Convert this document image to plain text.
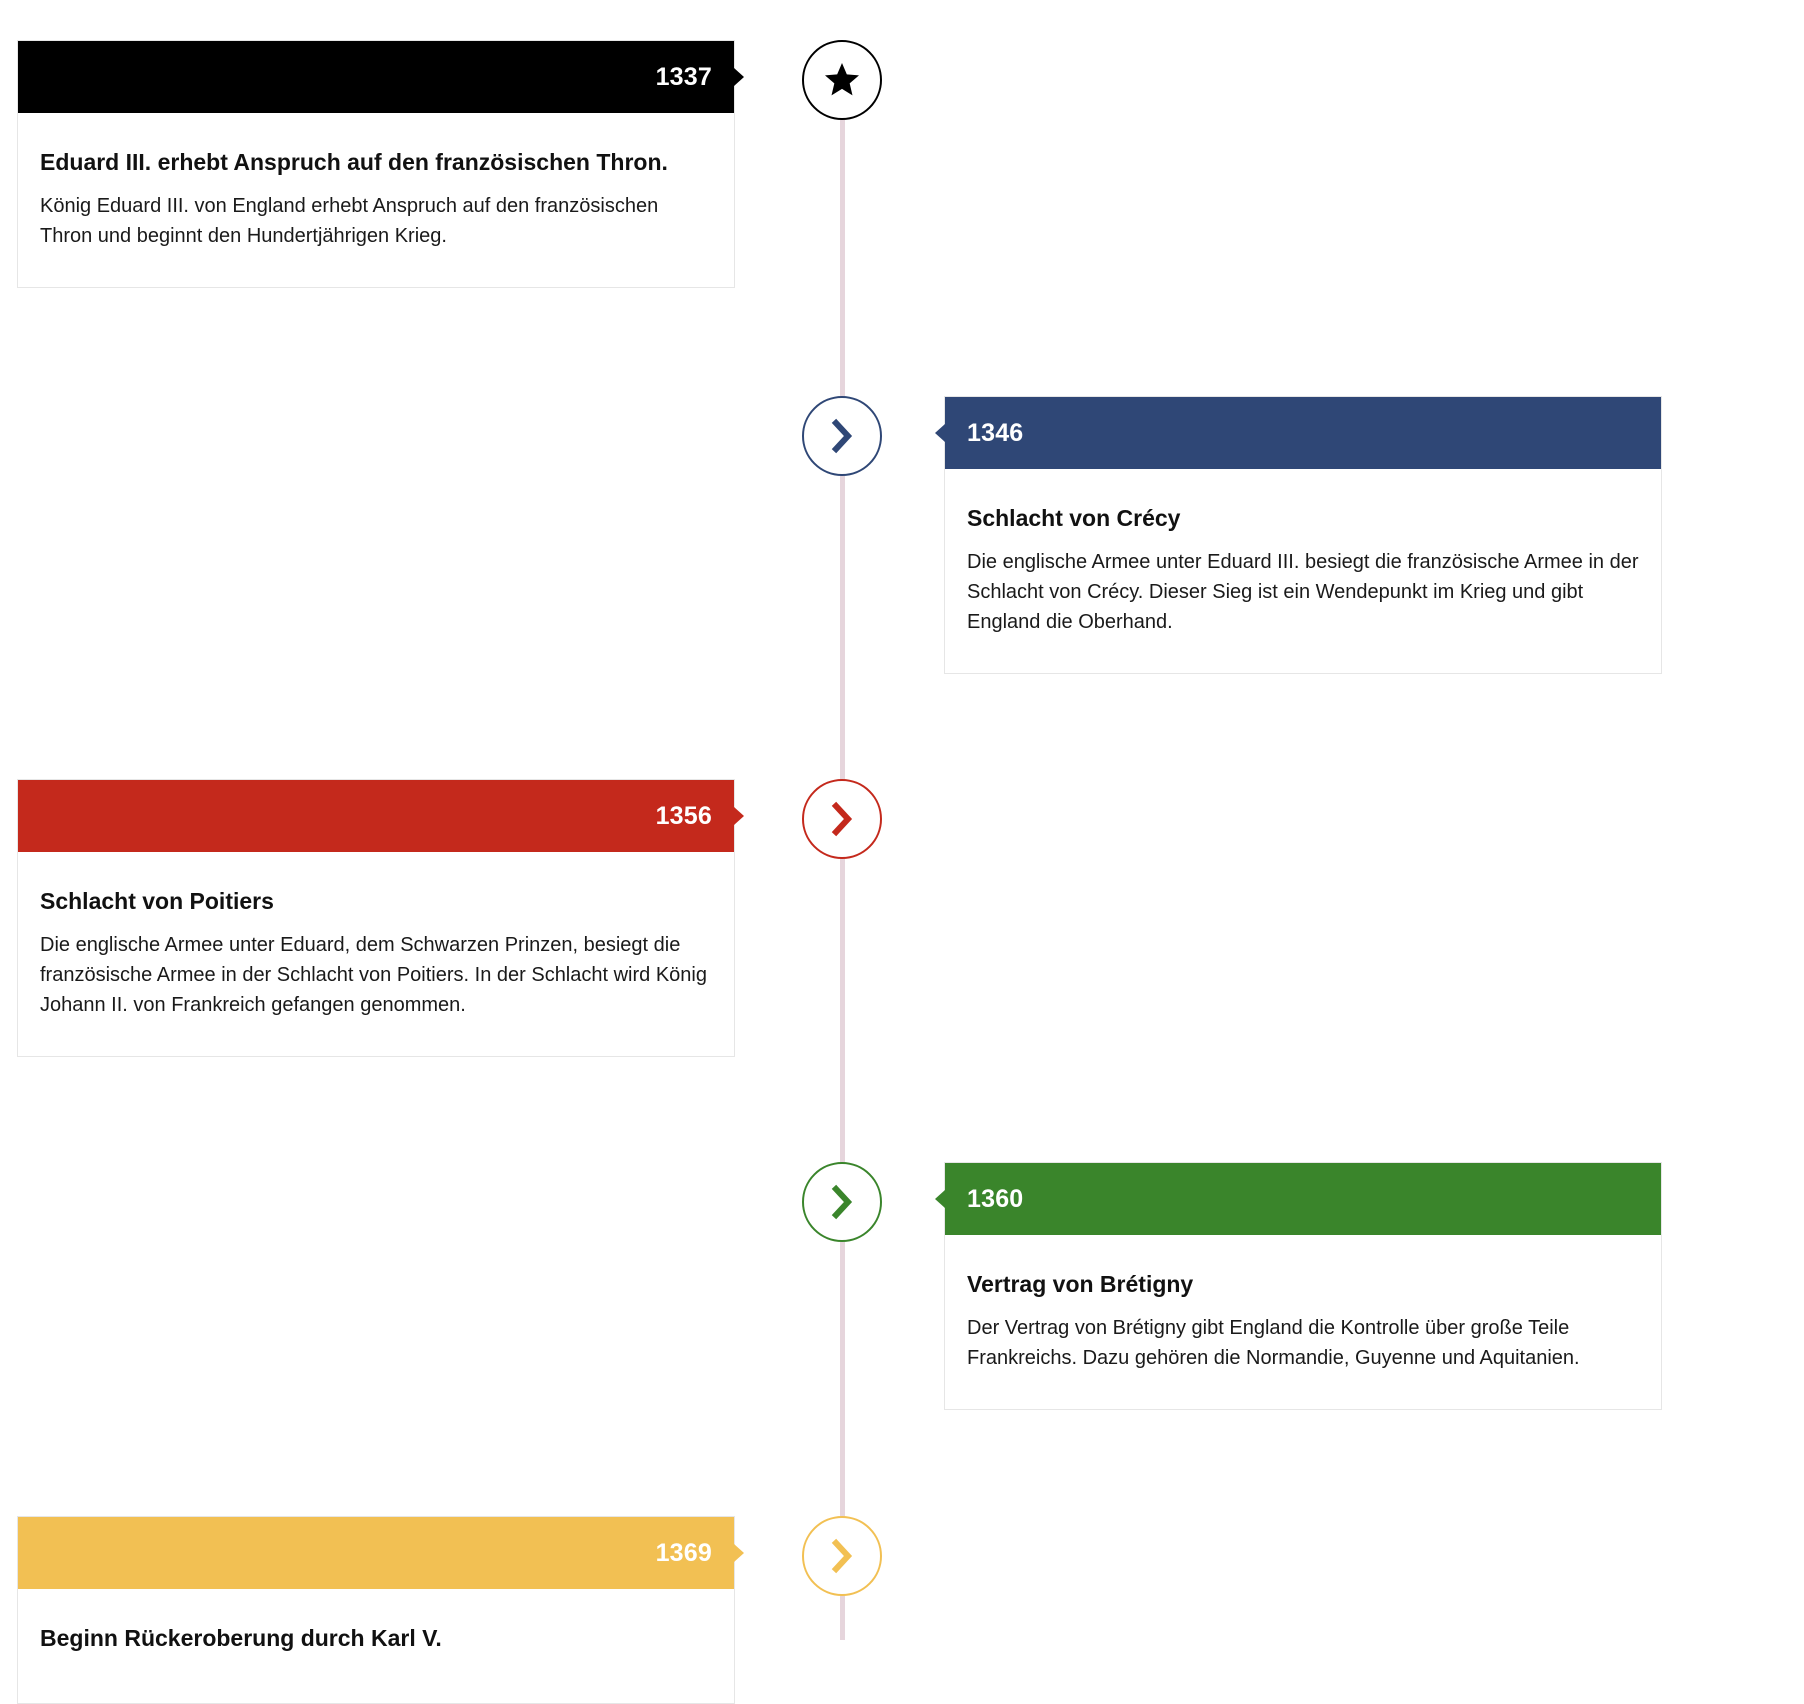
1337
Eduard III. erhebt Anspruch auf den französischen Thron.

König Eduard III. von England erhebt Anspruch auf den französischen Thron und beginnt den Hundertjährigen Krieg.

1346
Schlacht von Crécy

Die englische Armee unter Eduard III. besiegt die französische Armee in der Schlacht von Crécy. Dieser Sieg ist ein Wendepunkt im Krieg und gibt England die Oberhand.

1356
Schlacht von Poitiers

Die englische Armee unter Eduard, dem Schwarzen Prinzen, besiegt die französische Armee in der Schlacht von Poitiers. In der Schlacht wird König Johann II. von Frankreich gefangen genommen.

1360
Vertrag von Brétigny

Der Vertrag von Brétigny gibt England die Kontrolle über große Teile Frankreichs. Dazu gehören die Normandie, Guyenne und Aquitanien.

1369
Beginn Rückeroberung durch Karl V.
